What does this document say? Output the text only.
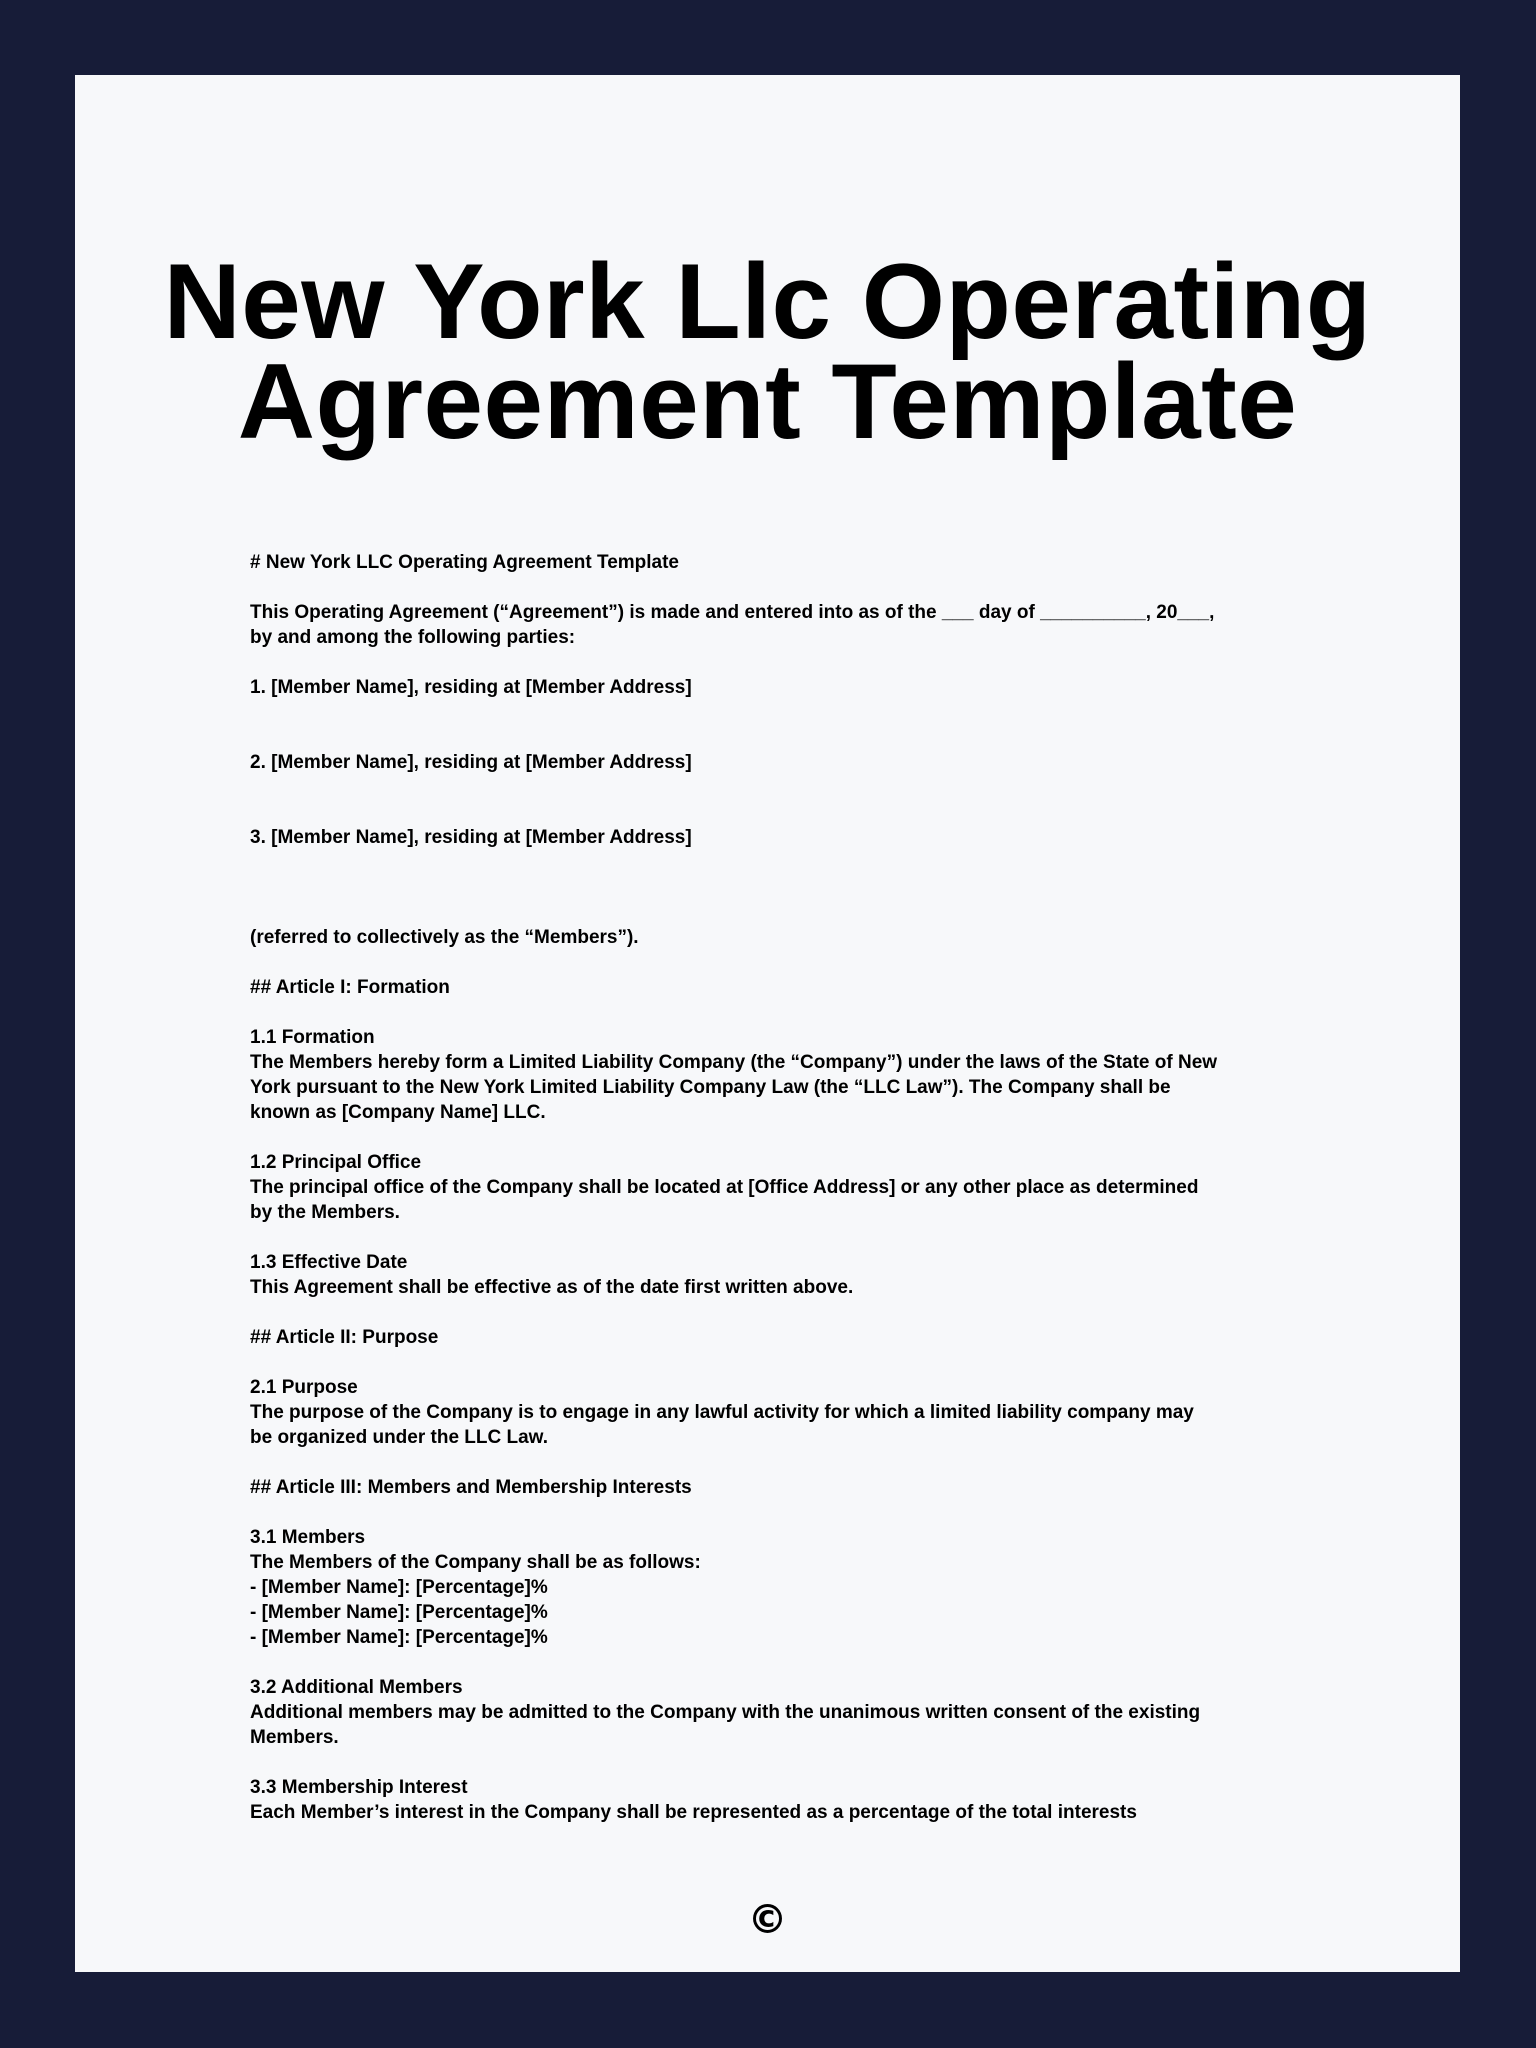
New York Llc Operating
Agreement Template

# New York LLC Operating Agreement Template

This Operating Agreement (“Agreement”) is made and entered into as of the ___ day of __________, 20___,

by and among the following parties:

1. [Member Name], residing at [Member Address]

2. [Member Name], residing at [Member Address]

3. [Member Name], residing at [Member Address]

(referred to collectively as the “Members”).

## Article I: Formation

1.1 Formation

The Members hereby form a Limited Liability Company (the “Company”) under the laws of the State of New

York pursuant to the New York Limited Liability Company Law (the “LLC Law”). The Company shall be

known as [Company Name] LLC.

1.2 Principal Office

The principal office of the Company shall be located at [Office Address] or any other place as determined

by the Members.

1.3 Effective Date

This Agreement shall be effective as of the date first written above.

## Article II: Purpose

2.1 Purpose

The purpose of the Company is to engage in any lawful activity for which a limited liability company may

be organized under the LLC Law.

## Article III: Members and Membership Interests

3.1 Members

The Members of the Company shall be as follows:

- [Member Name]: [Percentage]%

- [Member Name]: [Percentage]%

- [Member Name]: [Percentage]%

3.2 Additional Members

Additional members may be admitted to the Company with the unanimous written consent of the existing

Members.

3.3 Membership Interest

Each Member’s interest in the Company shall be represented as a percentage of the total interests

©
